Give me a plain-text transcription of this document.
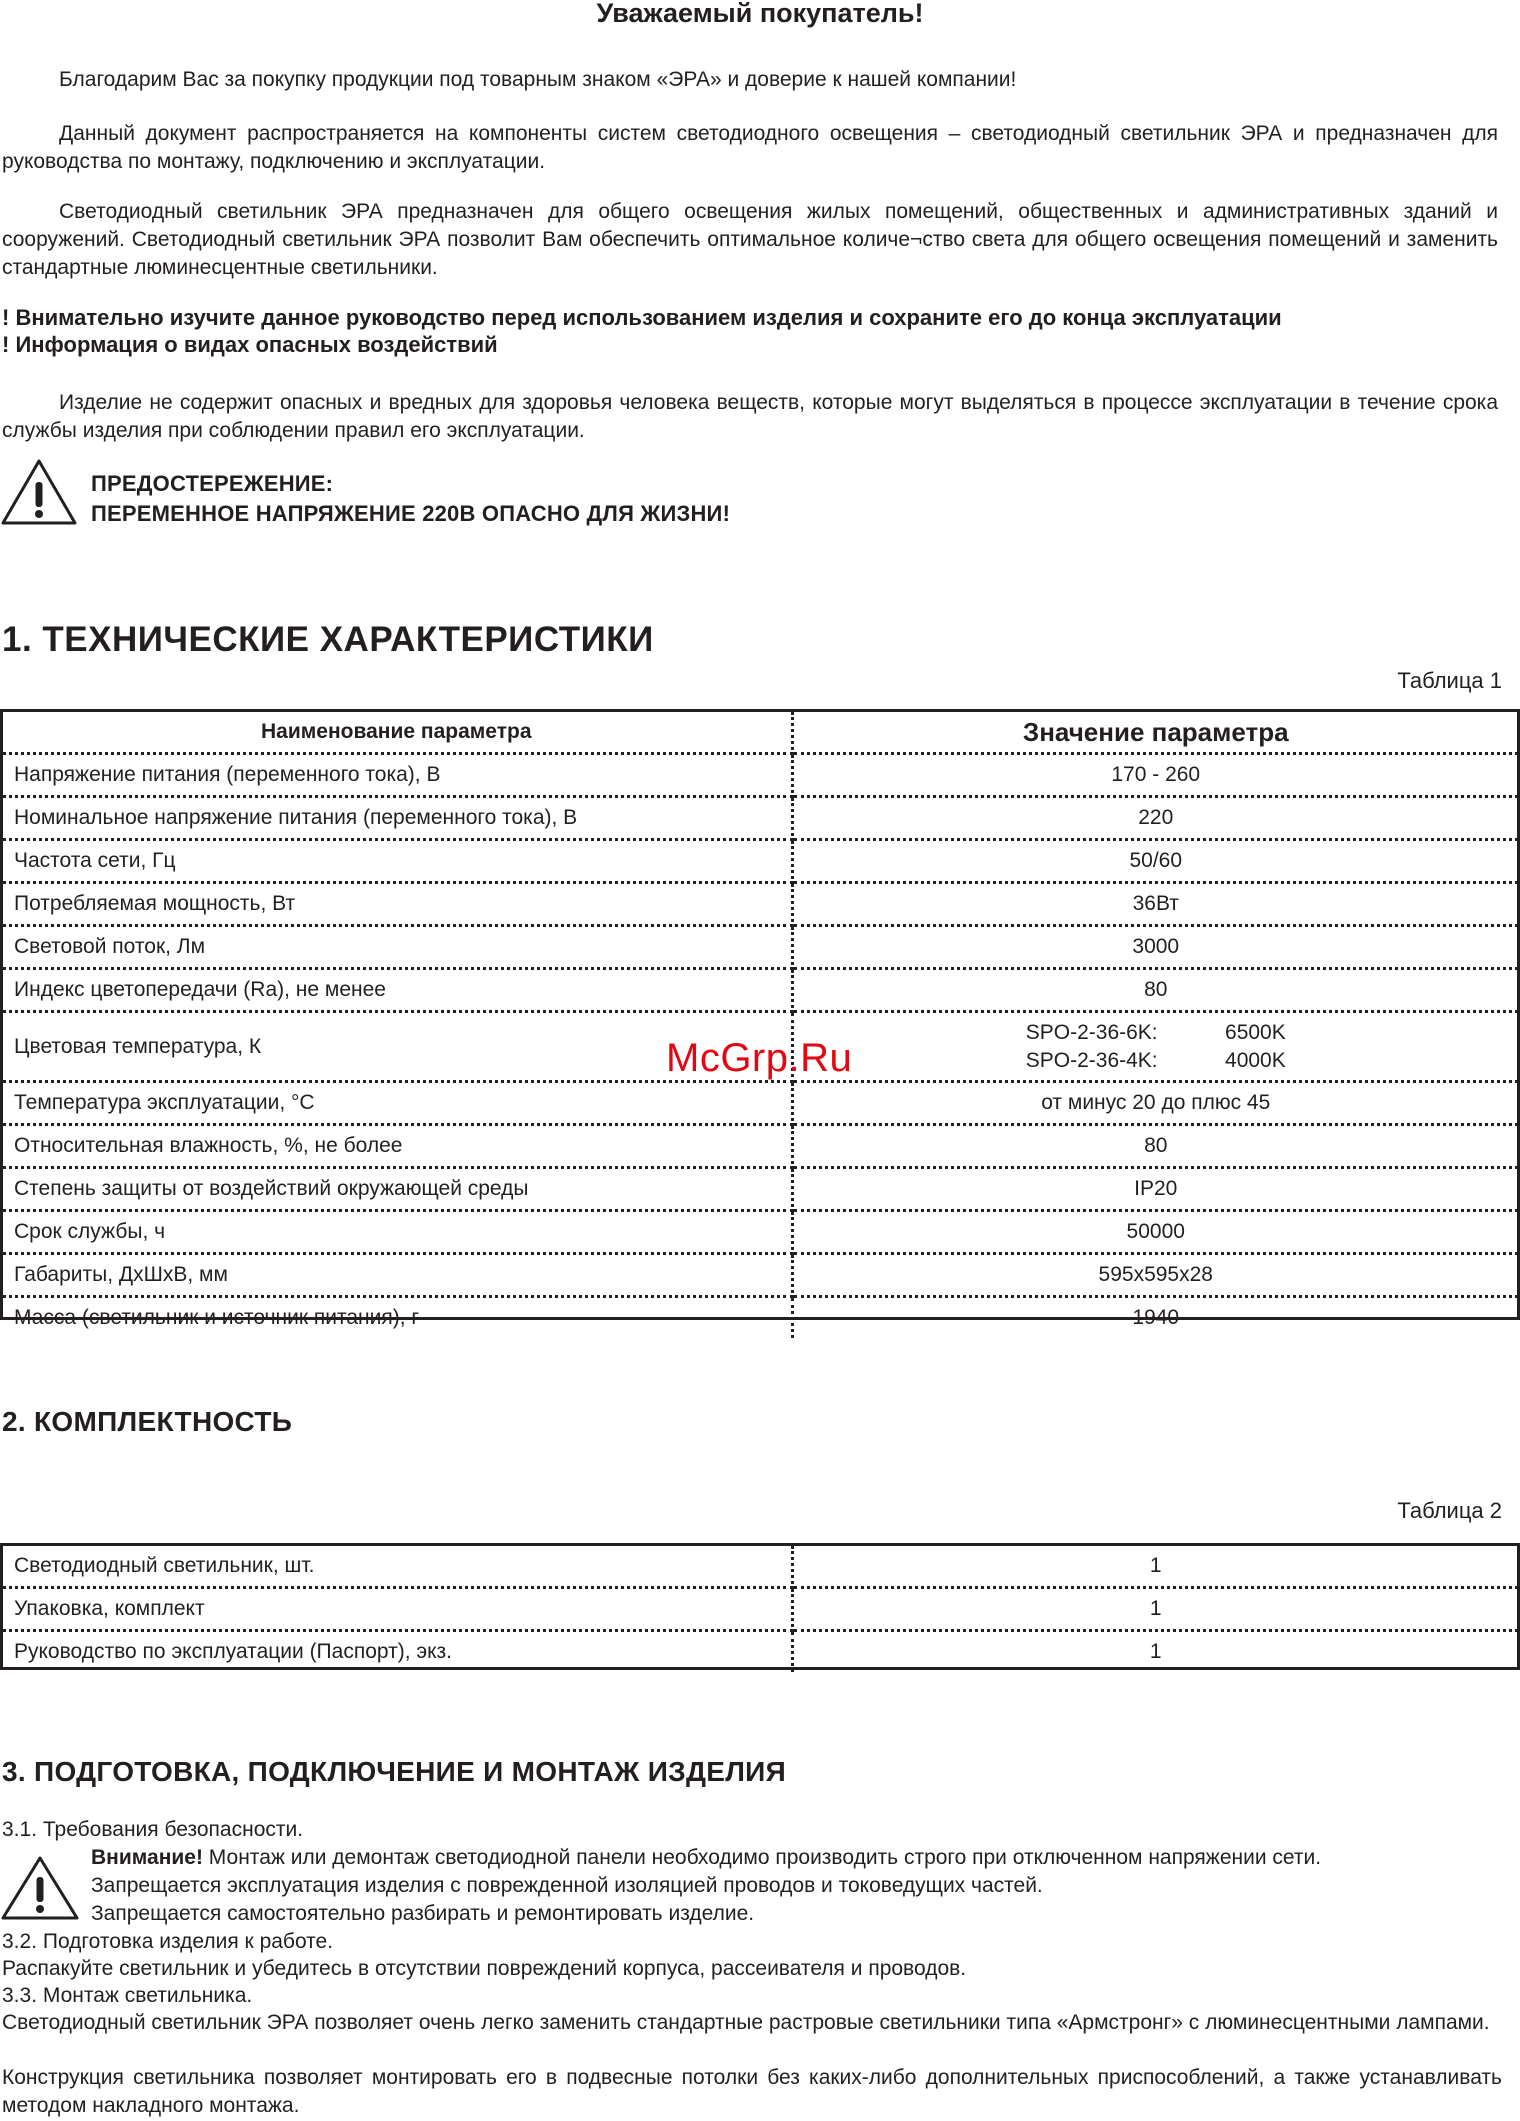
Уважаемый покупатель!

Благодарим Вас за покупку продукции под товарным знаком «ЭРА» и доверие к нашей компании!

Данный документ распространяется на компоненты систем светодиодного освещения – светодиодный светильник ЭРА и предназначен для руководства по монтажу, подключению и эксплуатации.

Светодиодный светильник ЭРА предназначен для общего освещения жилых помещений, общественных и административных зданий и сооружений. Светодиодный светильник ЭРА позволит Вам обеспечить оптимальное количе¬ство света для общего освещения помещений и заменить стандартные люминесцентные светильники.

! Внимательно изучите данное руководство перед использованием изделия и сохраните его до конца эксплуатации
! Информация о видах опасных воздействий

Изделие не содержит опасных и вредных для здоровья человека веществ, которые могут выделяться в процессе эксплуатации в течение срока службы изделия при соблюдении правил его эксплуатации.

ПРЕДОСТЕРЕЖЕНИЕ:
ПЕРЕМЕННОЕ НАПРЯЖЕНИЕ 220В ОПАСНО ДЛЯ ЖИЗНИ!
1. ТЕХНИЧЕСКИЕ ХАРАКТЕРИСТИКИ
Таблица 1
Наименование параметра	Значение параметра
Напряжение питания (переменного тока), В	170 - 260
Номинальное напряжение питания (переменного тока), В	220
Частота сети, Гц	50/60
Потребляемая мощность, Вт	36Вт
Световой поток, Лм	3000
Индекс цветопередачи (Ra), не менее	80
Цветовая температура, К	SPO-2-36-6K: 6500K
SPO-2-36-4K: 4000K

Температура эксплуатации, °С	от минус 20 до плюс 45
Относительная влажность, %, не более	80
Степень защиты от воздействий окружающей среды	IP20
Срок службы, ч	50000
Габариты, ДхШхВ, мм	595х595х28
Масса (светильник и источник питания), г	1940
McGrp.Ru
2. КОМПЛЕКТНОСТЬ
Таблица 2
Светодиодный светильник, шт.	1
Упаковка, комплект	1
Руководство по эксплуатации (Паспорт), экз.	1
3. ПОДГОТОВКА, ПОДКЛЮЧЕНИЕ И МОНТАЖ ИЗДЕЛИЯ
3.1. Требования безопасности.
Внимание! Монтаж или демонтаж светодиодной панели необходимо производить строго при отключенном напряжении сети.
Запрещается эксплуатация изделия с поврежденной изоляцией проводов и токоведущих частей.
Запрещается самостоятельно разбирать и ремонтировать изделие.
3.2. Подготовка изделия к работе.
Распакуйте светильник и убедитесь в отсутствии повреждений корпуса, рассеивателя и проводов.
3.3. Монтаж светильника.

Светодиодный светильник ЭРА позволяет очень легко заменить стандартные растровые светильники типа «Армстронг» с люминесцентными лампами.

Конструкция светильника позволяет монтировать его в подвесные потолки без каких-либо дополнительных приспособлений, а также устанавливать методом накладного монтажа.
